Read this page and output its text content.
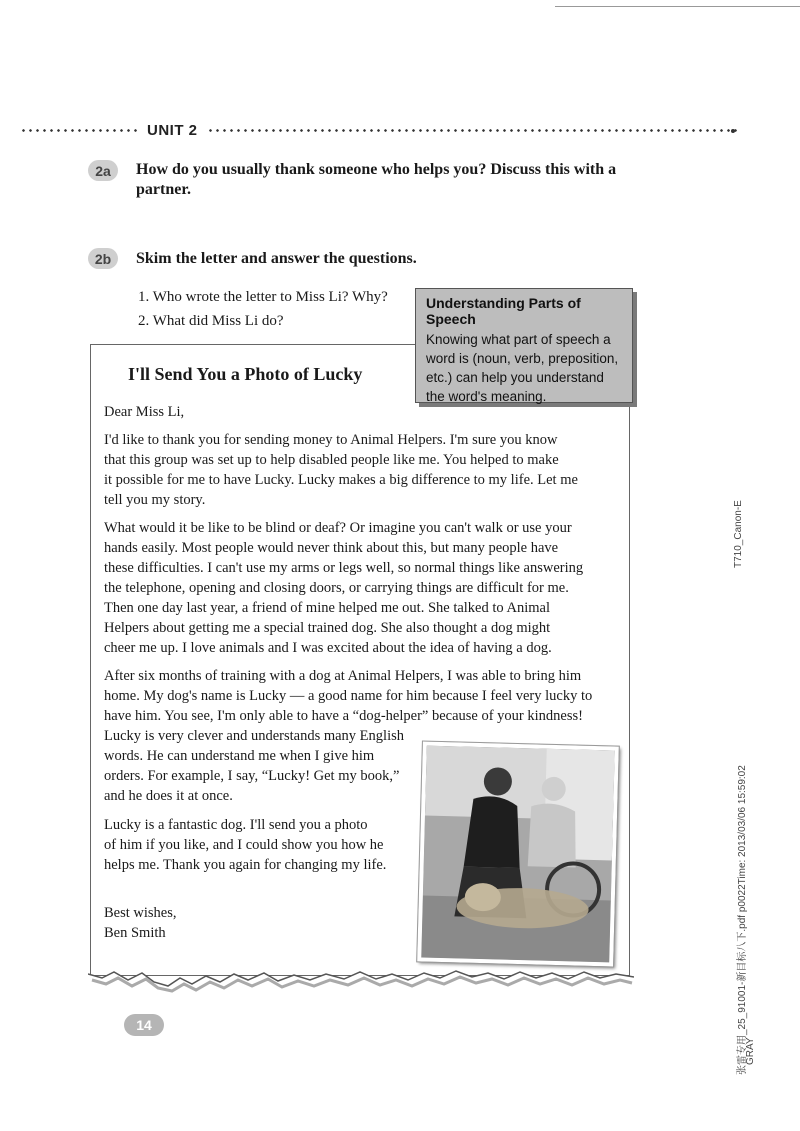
UNIT 2
2a	How do you usually thank someone who helps you? Discuss this with a
partner.
2b	Skim the letter and answer the questions.
1. Who wrote the letter to Miss Li? Why?
2. What did Miss Li do?
Understanding Parts of Speech
Knowing what part of speech a
word is (noun, verb, preposition,
etc.) can help you understand
the word's meaning.
I'll Send You a Photo of Lucky
Dear Miss Li,
I'd like to thank you for sending money to Animal Helpers. I'm sure you know
that this group was set up to help disabled people like me. You helped to make
it possible for me to have Lucky. Lucky makes a big difference to my life. Let me
tell you my story.
What would it be like to be blind or deaf? Or imagine you can't walk or use your
hands easily. Most people would never think about this, but many people have
these difficulties. I can't use my arms or legs well, so normal things like answering
the telephone, opening and closing doors, or carrying things are difficult for me.
Then one day last year, a friend of mine helped me out. She talked to Animal
Helpers about getting me a special trained dog. She also thought a dog might
cheer me up. I love animals and I was excited about the idea of having a dog.
After six months of training with a dog at Animal Helpers, I was able to bring him
home. My dog's name is Lucky — a good name for him because I feel very lucky to
have him. You see, I'm only able to have a “dog-helper” because of your kindness!
Lucky is very clever and understands many English
words. He can understand me when I give him
orders. For example, I say, “Lucky! Get my book,”
and he does it at once.
Lucky is a fantastic dog. I'll send you a photo
of him if you like, and I could show you how he
helps me. Thank you again for changing my life.
Best wishes,
Ben Smith
14
T710_Canon-E
张雷专用_25_91001-新目标八下.pdf p0022Time: 2013/03/06 15:59:02
GRAY
